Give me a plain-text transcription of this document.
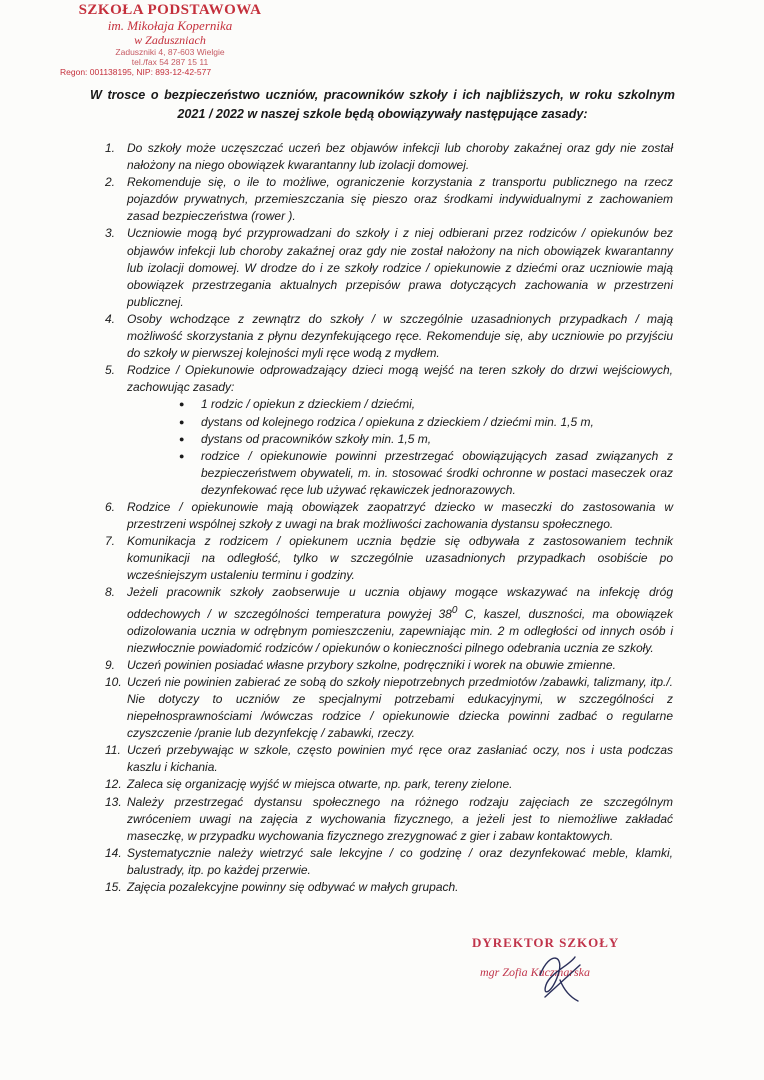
SZKOŁA PODSTAWOWA
im. Mikołaja Kopernika
w Zaduszniach
Zaduszniki 4, 87-603 Wielgie
tel./fax 54 287 15 11
Regon: 001138195, NIP: 893-12-42-577
W trosce o bezpieczeństwo uczniów, pracowników szkoły i ich najbliższych, w roku szkolnym 2021 / 2022 w naszej szkole będą obowiązywały następujące zasady:
1. Do szkoły może uczęszczać uczeń bez objawów infekcji lub choroby zakaźnej oraz gdy nie został nałożony na niego obowiązek kwarantanny lub izolacji domowej.
2. Rekomenduje się, o ile to możliwe, ograniczenie korzystania z transportu publicznego na rzecz pojazdów prywatnych, przemieszczania się pieszo oraz środkami indywidualnymi z zachowaniem zasad bezpieczeństwa (rower ).
3. Uczniowie mogą być przyprowadzani do szkoły i z niej odbierani przez rodziców / opiekunów bez objawów infekcji lub choroby zakaźnej oraz gdy nie został nałożony na nich obowiązek kwarantanny lub izolacji domowej. W drodze do i ze szkoły rodzice / opiekunowie z dziećmi oraz uczniowie mają obowiązek przestrzegania aktualnych przepisów prawa dotyczących zachowania w przestrzeni publicznej.
4. Osoby wchodzące z zewnątrz do szkoły / w szczególnie uzasadnionych przypadkach / mają możliwość skorzystania z płynu dezynfekującego ręce. Rekomenduje się, aby uczniowie po przyjściu do szkoły w pierwszej kolejności myli ręce wodą z mydłem.
5. Rodzice / Opiekunowie odprowadzający dzieci mogą wejść na teren szkoły do drzwi wejściowych, zachowując zasady:
● 1 rodzic / opiekun z dzieckiem / dziećmi,
● dystans od kolejnego rodzica / opiekuna z dzieckiem / dziećmi min. 1,5 m,
● dystans od pracowników szkoły min. 1,5 m,
● rodzice / opiekunowie powinni przestrzegać obowiązujących zasad związanych z bezpieczeństwem obywateli, m. in. stosować środki ochronne w postaci maseczek oraz dezynfekować ręce lub używać rękawiczek jednorazowych.
6. Rodzice / opiekunowie mają obowiązek zaopatrzyć dziecko w maseczki do zastosowania w przestrzeni wspólnej szkoły z uwagi na brak możliwości zachowania dystansu społecznego.
7. Komunikacja z rodzicem / opiekunem ucznia będzie się odbywała z zastosowaniem technik komunikacji na odległość, tylko w szczególnie uzasadnionych przypadkach osobiście po wcześniejszym ustaleniu terminu i godziny.
8. Jeżeli pracownik szkoły zaobserwuje u ucznia objawy mogące wskazywać na infekcję dróg oddechowych / w szczególności temperatura powyżej $38^0$ C, kaszel, duszności, ma obowiązek odizolowania ucznia w odrębnym pomieszczeniu, zapewniając min. 2 m odległości od innych osób i niezwłocznie powiadomić rodziców / opiekunów o konieczności pilnego odebrania ucznia ze szkoły.
9. Uczeń powinien posiadać własne przybory szkolne, podręczniki i worek na obuwie zmienne.
10. Uczeń nie powinien zabierać ze sobą do szkoły niepotrzebnych przedmiotów /zabawki, talizmany, itp./. Nie dotyczy to uczniów ze specjalnymi potrzebami edukacyjnymi, w szczególności z niepełnosprawnościami /wówczas rodzice / opiekunowie dziecka powinni zadbać o regularne czyszczenie /pranie lub dezynfekcję / zabawki, rzeczy.
11. Uczeń przebywając w szkole, często powinien myć ręce oraz zasłaniać oczy, nos i usta podczas kaszlu i kichania.
12. Zaleca się organizację wyjść w miejsca otwarte, np. park, tereny zielone.
13. Należy przestrzegać dystansu społecznego na różnego rodzaju zajęciach ze szczególnym zwróceniem uwagi na zajęcia z wychowania fizycznego, a jeżeli jest to niemożliwe zakładać maseczkę, w przypadku wychowania fizycznego zrezygnować z gier i zabaw kontaktowych.
14. Systematycznie należy wietrzyć sale lekcyjne / co godzinę / oraz dezynfekować meble, klamki, balustrady, itp. po każdej przerwie.
15. Zajęcia pozalekcyjne powinny się odbywać w małych grupach.
DYREKTOR SZKOŁY
mgr Zofia Kuczmarska
